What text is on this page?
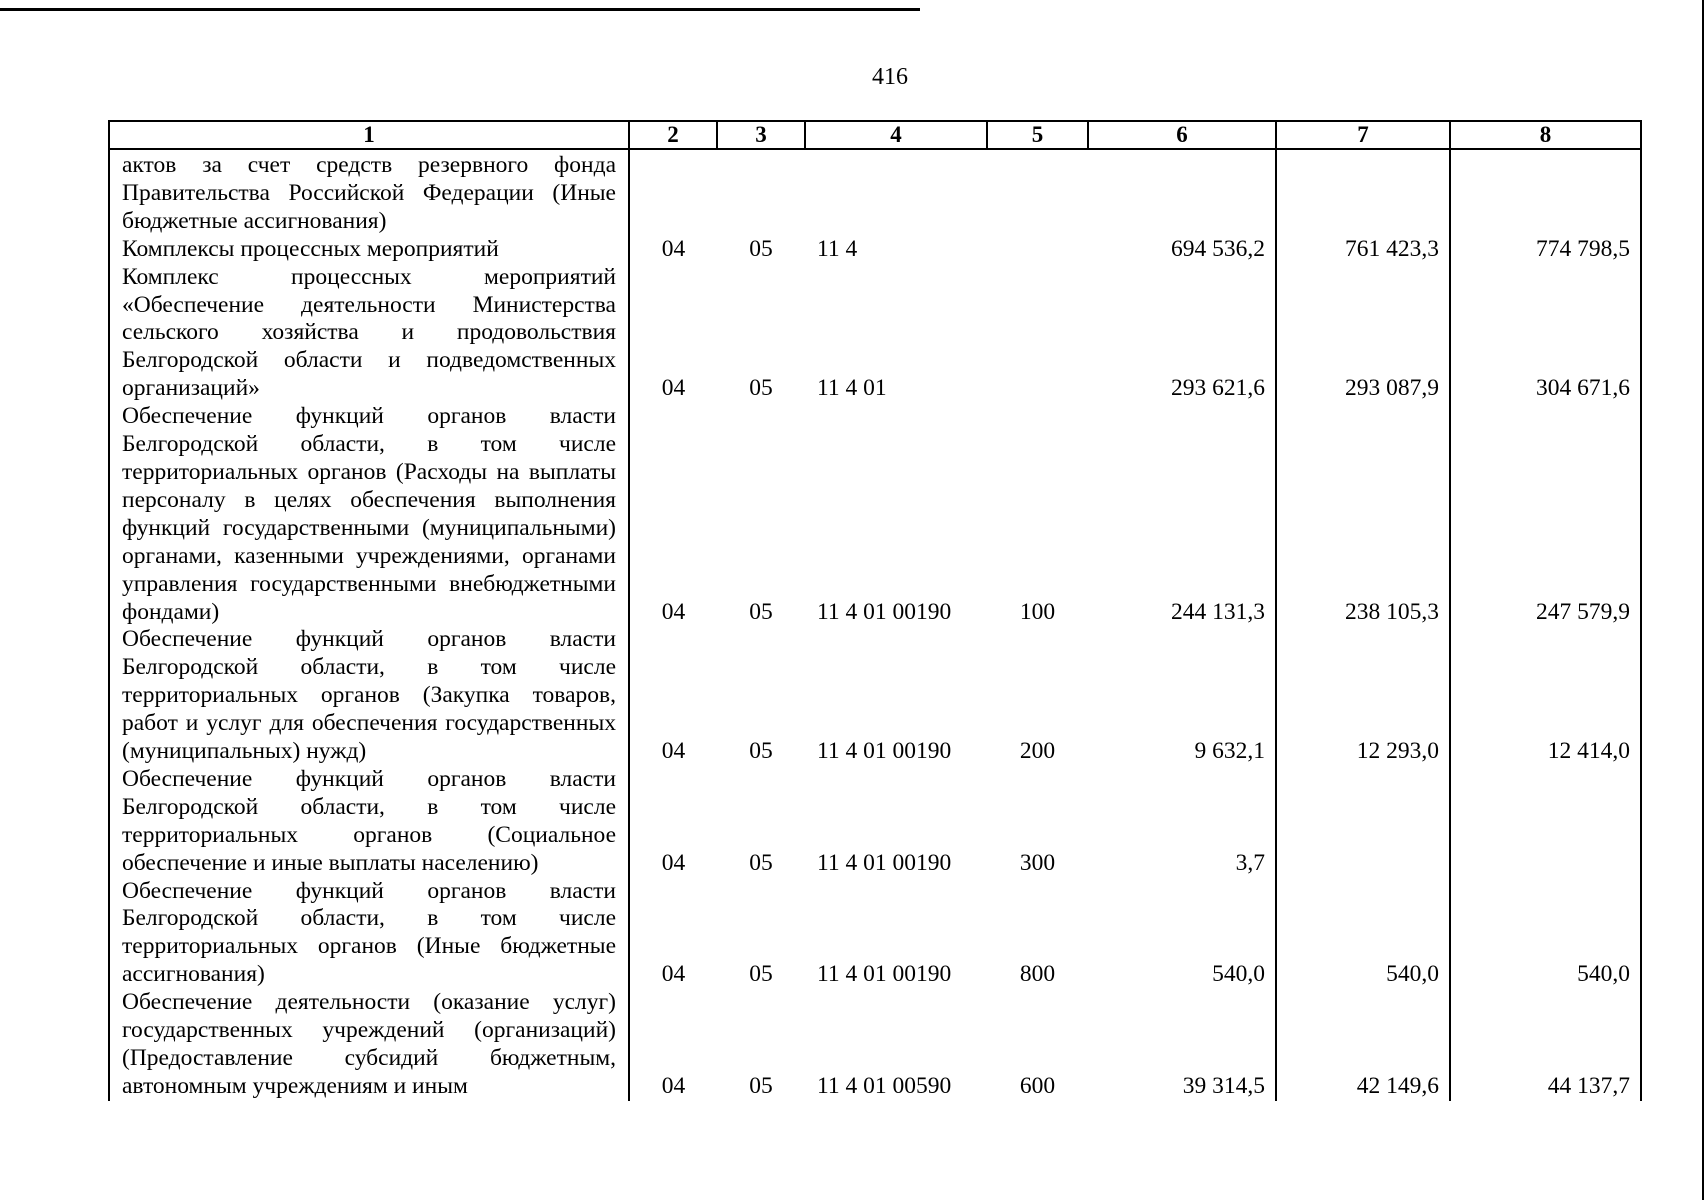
416
1	2	3	4	5	6	7	8
актов за счет средств резервного фонда Правительства Российской Федерации (Иные бюджетные ассигнования)							
Комплексы процессных мероприятий	04	05	11 4		694 536,2	761 423,3	774 798,5
Комплекс процессных мероприятий «Обеспечение деятельности Министерства сельского хозяйства и продовольствия Белгородской области и подведомственных организаций»	04	05	11 4 01		293 621,6	293 087,9	304 671,6
Обеспечение функций органов власти Белгородской области, в том числе территориальных органов (Расходы на выплаты персоналу в целях обеспечения выполнения функций государственными (муниципальными) органами, казенными учреждениями, органами управления государственными внебюджетными фондами)	04	05	11 4 01 00190	100	244 131,3	238 105,3	247 579,9
Обеспечение функций органов власти Белгородской области, в том числе территориальных органов (Закупка товаров, работ и услуг для обеспечения государственных (муниципальных) нужд)	04	05	11 4 01 00190	200	9 632,1	12 293,0	12 414,0
Обеспечение функций органов власти Белгородской области, в том числе территориальных органов (Социальное обеспечение и иные выплаты населению)	04	05	11 4 01 00190	300	3,7		
Обеспечение функций органов власти Белгородской области, в том числе территориальных органов (Иные бюджетные ассигнования)	04	05	11 4 01 00190	800	540,0	540,0	540,0
Обеспечение деятельности (оказание услуг) государственных учреждений (организаций) (Предоставление субсидий бюджетным, автономным учреждениям и иным	04	05	11 4 01 00590	600	39 314,5	42 149,6	44 137,7
